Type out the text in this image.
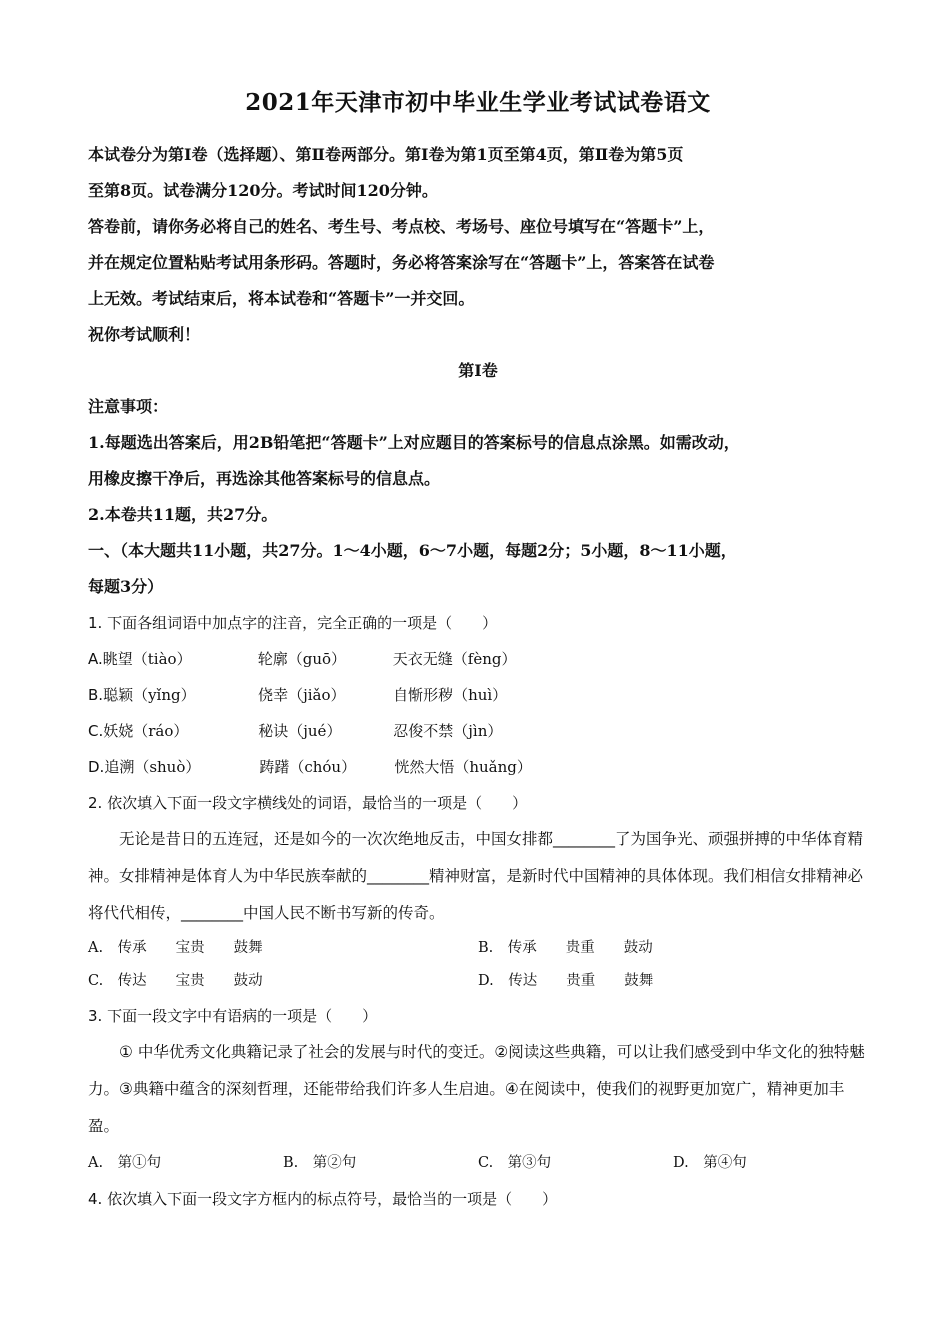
2021年天津市初中毕业生学业考试试卷语文
本试卷分为第Ⅰ卷（选择题）、第Ⅱ卷两部分。第Ⅰ卷为第1页至第4页，第Ⅱ卷为第5页
至第8页。试卷满分120分。考试时间120分钟。
答卷前，请你务必将自己的姓名、考生号、考点校、考场号、座位号填写在“答题卡”上，
并在规定位置粘贴考试用条形码。答题时，务必将答案涂写在“答题卡”上，答案答在试卷
上无效。考试结束后，将本试卷和“答题卡”一并交回。
祝你考试顺利！
第Ⅰ卷
注意事项：
1.每题选出答案后，用2B铅笔把“答题卡”上对应题目的答案标号的信息点涂黑。如需改动，
用橡皮擦干净后，再选涂其他答案标号的信息点。
2.本卷共11题，共27分。
一、（本大题共11小题，共27分。1～4小题，6～7小题，每题2分；5小题，8～11小题，
每题3分）
1. 下面各组词语中加点字的注音，完全正确的一项是（　　）
A. 眺望（tiào）	轮廓（guō）	天衣无缝（fèng）
B. 聪颖（yǐng）	侥幸（jiǎo）	自惭形秽（huì）
C. 妖娆（ráo）	秘诀（jué）	忍俊不禁（jìn）
D. 追溯（shuò）	踌躇（chóu）	恍然大悟（huǎng）
2. 依次填入下面一段文字横线处的词语，最恰当的一项是（　　）
无论是昔日的五连冠，还是如今的一次次绝地反击，中国女排都________了为国争光、顽强拼搏的中华体育精神。女排精神是体育人为中华民族奉献的________精神财富，是新时代中国精神的具体体现。我们相信女排精神必将代代相传，________中国人民不断书写新的传奇。
A.　传承　　宝贵　　鼓舞	B.　传承　　贵重　　鼓动
C.　传达　　宝贵　　鼓动	D.　传达　　贵重　　鼓舞
3. 下面一段文字中有语病的一项是（　　）
① 中华优秀文化典籍记录了社会的发展与时代的变迁。②阅读这些典籍，可以让我们感受到中华文化的独特魅力。③典籍中蕴含的深刻哲理，还能带给我们许多人生启迪。④在阅读中，使我们的视野更加宽广，精神更加丰盈。
A.　第①句	B.　第②句	C.　第③句	D.　第④句
4. 依次填入下面一段文字方框内的标点符号，最恰当的一项是（　　）
